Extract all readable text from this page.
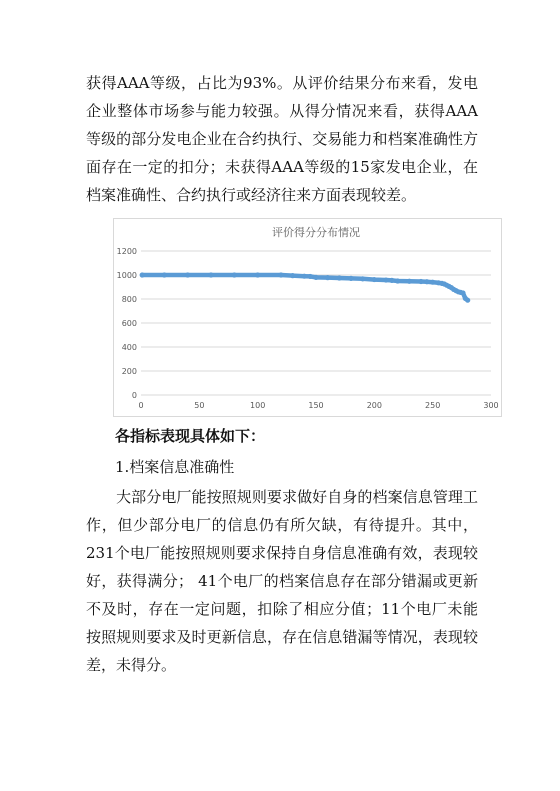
获得AAA等级，占比为93%。从评价结果分布来看，发电企业整体市场参与能力较强。从得分情况来看，获得AAA等级的部分发电企业在合约执行、交易能力和档案准确性方面存在一定的扣分；未获得AAA等级的15家发电企业，在档案准确性、合约执行或经济往来方面表现较差。
评价得分分布情况
0
200
400
600
800
1000
1200
0	50	100	150	200	250	300
各指标表现具体如下：
1.档案信息准确性
大部分电厂能按照规则要求做好自身的档案信息管理工作，但少部分电厂的信息仍有所欠缺，有待提升。其中，231个电厂能按照规则要求保持自身信息准确有效，表现较好，获得满分； 41个电厂的档案信息存在部分错漏或更新不及时，存在一定问题，扣除了相应分值；11个电厂未能按照规则要求及时更新信息，存在信息错漏等情况，表现较差，未得分。
